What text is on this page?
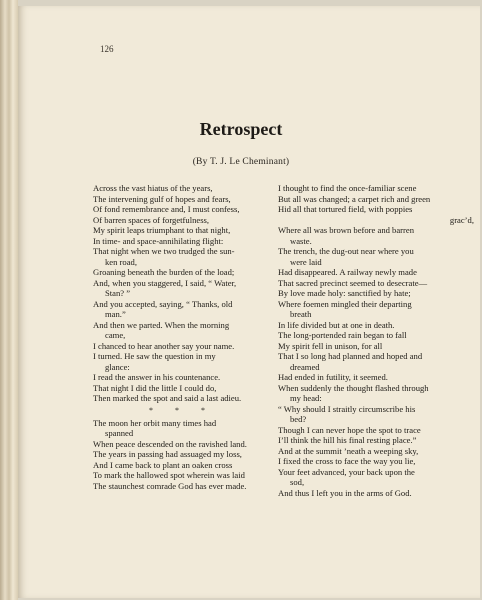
126
Retrospect
(By T. J. Le Cheminant)
Across the vast hiatus of the years,
The intervening gulf of hopes and fears,
Of fond remembrance and, I must confess,
Of barren spaces of forgetfulness,
My spirit leaps triumphant to that night,
In time- and space-annihilating flight:
That night when we two trudged the sun-
ken road,
Groaning beneath the burden of the load;
And, when you staggered, I said, “ Water,
Stan? ”
And you accepted, saying, “ Thanks, old
man.”
And then we parted. When the morning
came,
I chanced to hear another say your name.
I turned. He saw the question in my
glance:
I read the answer in his countenance.
That night I did the little I could do,
Then marked the spot and said a last adieu.
* * *
The moon her orbit many times had
spanned
When peace descended on the ravished land.
The years in passing had assuaged my loss,
And I came back to plant an oaken cross
To mark the hallowed spot wherein was laid
The staunchest comrade God has ever made.
I thought to find the once-familiar scene
But all was changed; a carpet rich and green
Hid all that tortured field, with poppies
grac’d,
Where all was brown before and barren
waste.
The trench, the dug-out near where you
were laid
Had disappeared. A railway newly made
That sacred precinct seemed to desecrate—
By love made holy: sanctified by hate;
Where foemen mingled their departing
breath
In life divided but at one in death.
The long-portended rain began to fall
My spirit fell in unison, for all
That I so long had planned and hoped and
dreamed
Had ended in futility, it seemed.
When suddenly the thought flashed through
my head:
“ Why should I straitly circumscribe his
bed?
Though I can never hope the spot to trace
I’ll think the hill his final resting place.”
And at the summit ’neath a weeping sky,
I fixed the cross to face the way you lie,
Your feet advanced, your back upon the
sod,
And thus I left you in the arms of God.
